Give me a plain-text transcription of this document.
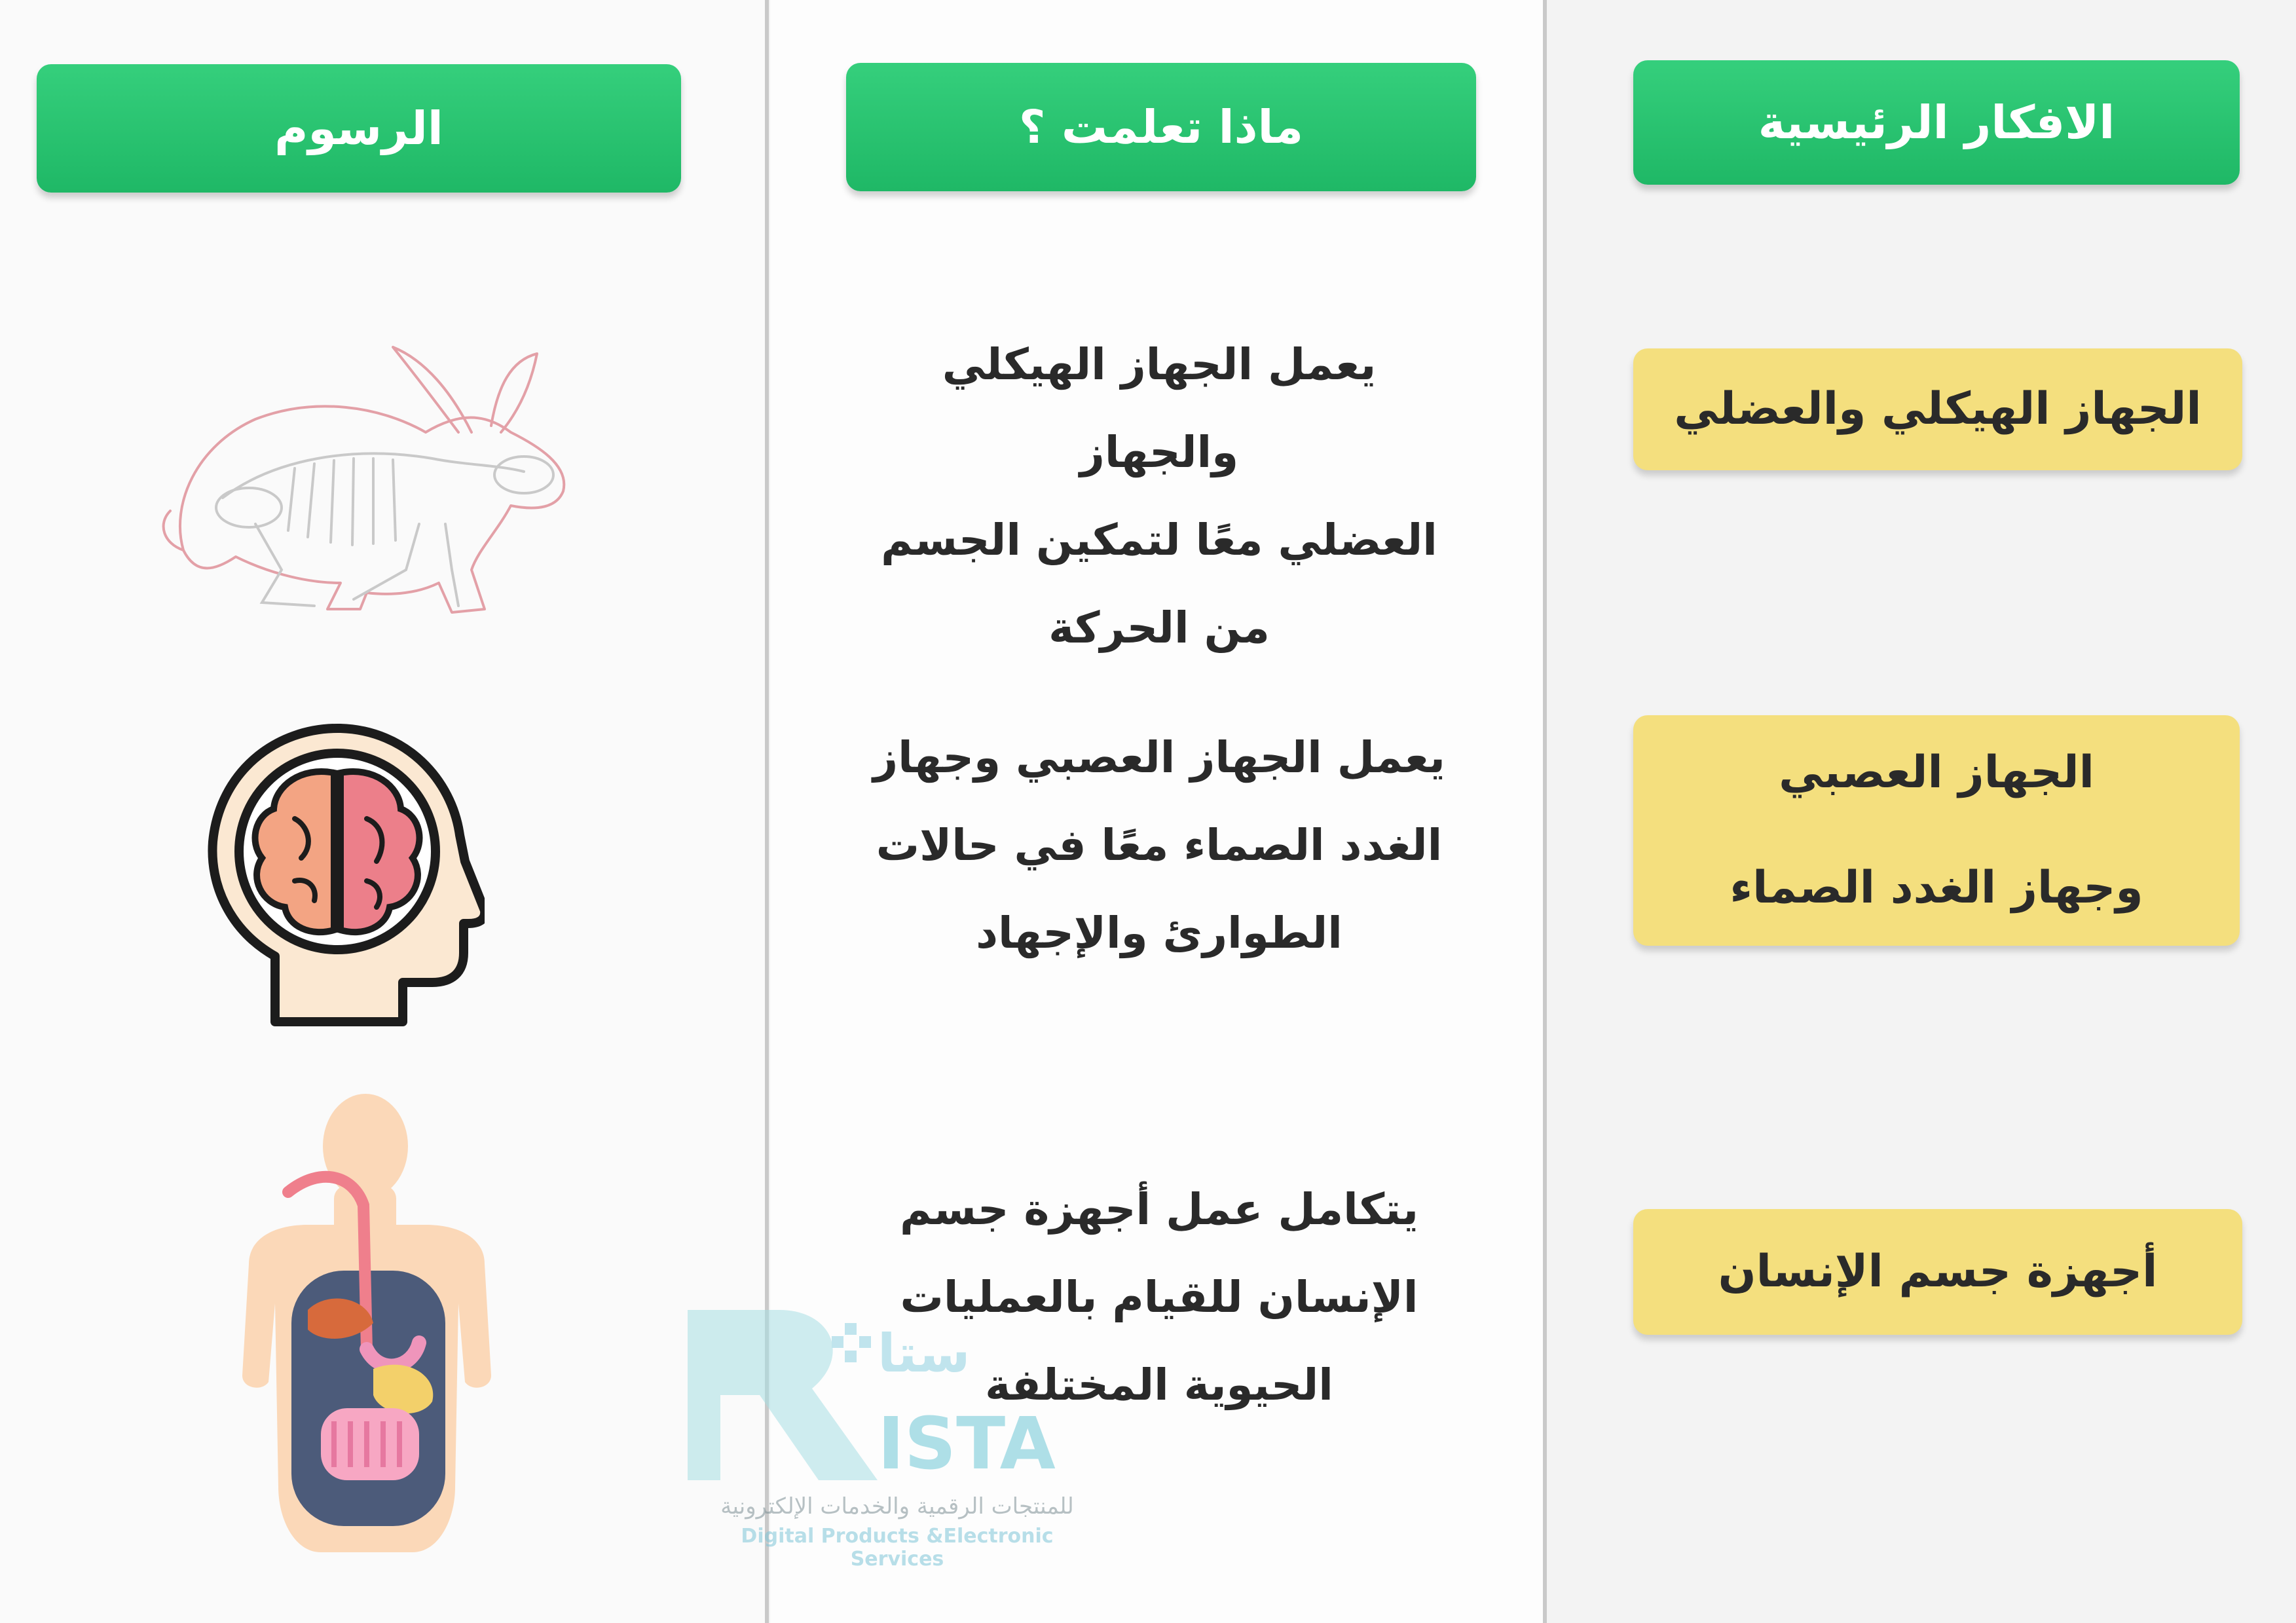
الرسوم	ماذا تعلمت ؟	الافكار الرئيسية
الجهاز الهيكلي والعضلي
الجهاز العصبي
وجهاز الغدد الصماء
أجهزة جسم الإنسان
يعمل الجهاز الهيكلي والجهاز
العضلي معًا لتمكين الجسم
من الحركة
يعمل الجهاز العصبي وجهاز
الغدد الصماء معًا في حالات
الطوارئ والإجهاد
يتكامل عمل أجهزة جسم
الإنسان للقيام بالعمليات
الحيوية المختلفة
ستا
ISTA
للمنتجات الرقمية والخدمات الإلكترونية
Digital Products &Electronic Services
